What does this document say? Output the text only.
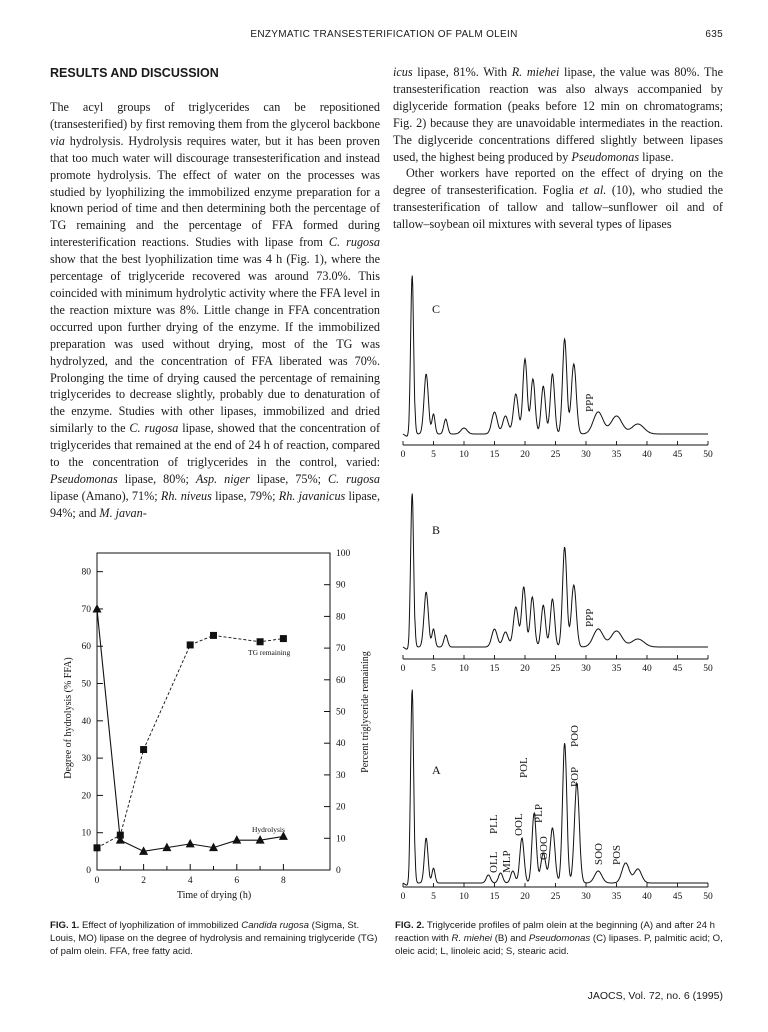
ENZYMATIC TRANSESTERIFICATION OF PALM OLEIN	635
RESULTS AND DISCUSSION

The acyl groups of triglycerides can be repositioned (transesterified) by first removing them from the glycerol backbone via hydrolysis. Hydrolysis requires water, but it has been proven that too much water will discourage transesterification and instead promote hydrolysis. The effect of water on the processes was studied by lyophilizing the immobilized enzyme preparation for a known period of time and then determining both the percentage of TG remaining and the percentage of FFA formed during interesterification reactions. Studies with lipase from C. rugosa show that the best lyophilization time was 4 h (Fig. 1), where the percentage of triglyceride recovered was around 73.0%. This coincided with minimum hydrolytic activity where the FFA level in the reaction mixture was 8%. Little change in FFA concentration occurred upon further drying of the enzyme. If the immobilized preparation was used without drying, most of the TG was hydrolyzed, and the concentration of FFA liberated was 70%. Prolonging the time of drying caused the percentage of remaining triglycerides to decrease slightly, probably due to denaturation of the enzyme. Studies with other lipases, immobilized and dried similarly to the C. rugosa lipase, showed that the concentration of triglycerides that remained at the end of 24 h of reaction, compared to the concentration of triglycerides in the control, varied: Pseudomonas lipase, 80%; Asp. niger lipase, 75%; C. rugosa lipase (Amano), 71%; Rh. niveus lipase, 79%; Rh. javanicus lipase, 94%; and M. javan-

icus lipase, 81%. With R. miehei lipase, the value was 80%. The transesterification reaction was also always accompanied by diglyceride formation (peaks before 12 min on chromatograms; Fig. 2) because they are unavoidable intermediates in the reaction. The diglyceride concentrations differed slightly between lipases used, the highest being produced by Pseudomonas lipase.

Other workers have reported on the effect of drying on the degree of transesterification. Foglia et al. (10), who studied the transesterification of tallow and tallow–sunflower oil and of tallow–soybean oil mixtures with several types of lipases

0
10
20
30
40
50
60
70
80
0
10
20
30
40
50
60
70
80
90
100
0	2	4	6	8
Degree of hydrolysis (% FFA)	Percent triglyceride remaining
Time of drying (h)
TG remaining
Hydrolysis
0	5 10 15 20 25 30 35 40 45 50
0	5 10 15 20 25 30 35 40 45 50
0	5 10 15 20 25 30 35 40 45 50
C
B
A
PPP
PPP
OLL
PLL
MLP
OOL
POL
PLP
OOO
POO
POP
SOO POS
FIG. 1. Effect of lyophilization of immobilized Candida rugosa (Sigma, St. Louis, MO) lipase on the degree of hydrolysis and remaining triglyceride (TG) of palm olein. FFA, free fatty acid.
FIG. 2. Triglyceride profiles of palm olein at the beginning (A) and after 24 h reaction with R. miehei (B) and Pseudomonas (C) lipases. P, palmitic acid; O, oleic acid; L, linoleic acid; S, stearic acid.
JAOCS, Vol. 72, no. 6 (1995)
